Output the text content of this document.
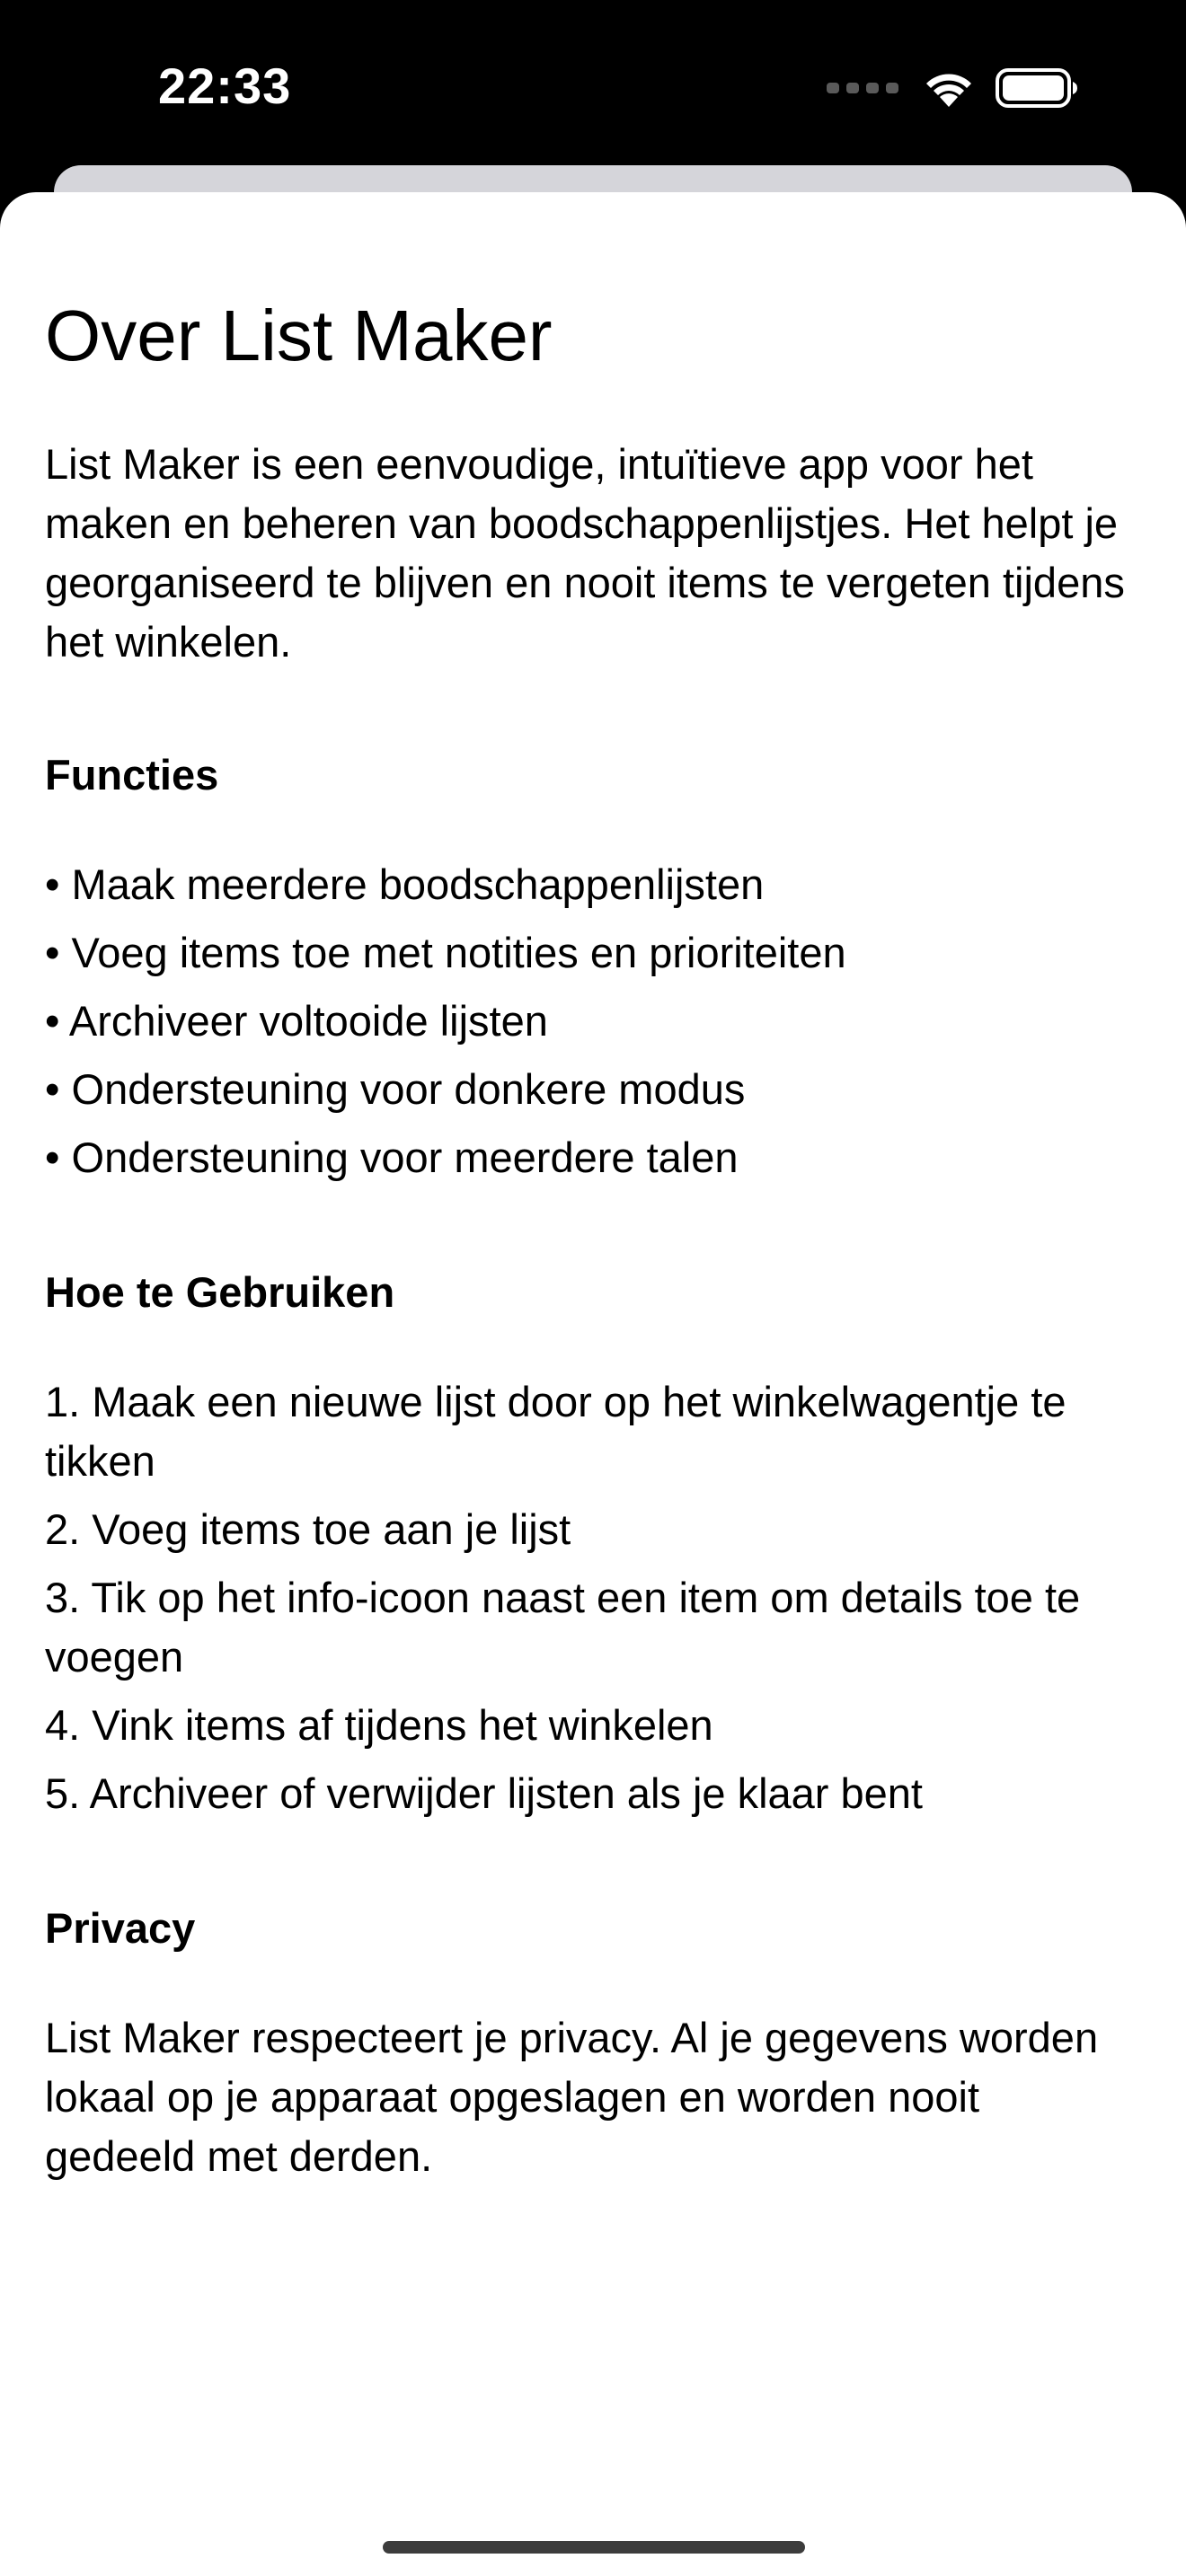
22:33
Over List Maker

List Maker is een eenvoudige, intuïtieve app voor het maken en beheren van boodschappenlijstjes. Het helpt je georganiseerd te blijven en nooit items te vergeten tijdens het winkelen.

Functies
• Maak meerdere boodschappenlijsten
• Voeg items toe met notities en prioriteiten
• Archiveer voltooide lijsten
• Ondersteuning voor donkere modus
• Ondersteuning voor meerdere talen
Hoe te Gebruiken
1. Maak een nieuwe lijst door op het winkelwagentje te tikken
2. Voeg items toe aan je lijst
3. Tik op het info-icoon naast een item om details toe te voegen
4. Vink items af tijdens het winkelen
5. Archiveer of verwijder lijsten als je klaar bent
Privacy

List Maker respecteert je privacy. Al je gegevens worden lokaal op je apparaat opgeslagen en worden nooit gedeeld met derden.
